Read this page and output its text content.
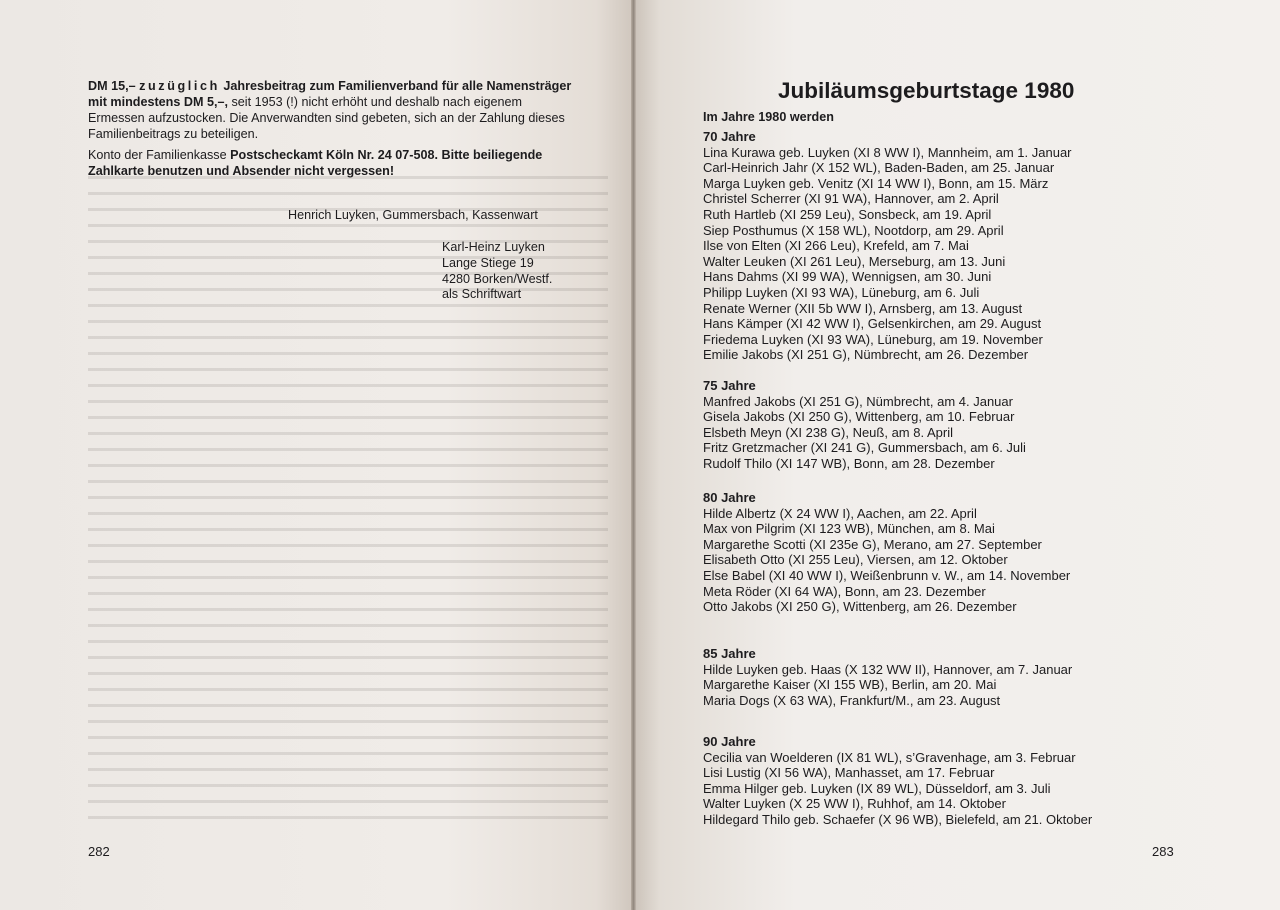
DM 15,– zuzüglich Jahresbeitrag zum Familienverband für alle Namensträger mit mindestens DM 5,–, seit 1953 (!) nicht erhöht und deshalb nach eigenem Ermessen aufzustocken. Die Anverwandten sind gebeten, sich an der Zahlung dieses Familienbeitrags zu beteiligen.

Konto der Familienkasse Postscheckamt Köln Nr. 24 07-508. Bitte beiliegende Zahlkarte benutzen und Absender nicht vergessen!

Henrich Luyken, Gummersbach, Kassenwart
Karl-Heinz Luyken
Lange Stiege 19
4280 Borken/Westf.
als Schriftwart
282
Jubiläumsgeburtstage 1980
Im Jahre 1980 werden
70 Jahre
Lina Kurawa geb. Luyken (XI 8 WW I), Mannheim, am 1. Januar
Carl-Heinrich Jahr (X 152 WL), Baden-Baden, am 25. Januar
Marga Luyken geb. Venitz (XI 14 WW I), Bonn, am 15. März
Christel Scherrer (XI 91 WA), Hannover, am 2. April
Ruth Hartleb (XI 259 Leu), Sonsbeck, am 19. April
Siep Posthumus (X 158 WL), Nootdorp, am 29. April
Ilse von Elten (XI 266 Leu), Krefeld, am 7. Mai
Walter Leuken (XI 261 Leu), Merseburg, am 13. Juni
Hans Dahms (XI 99 WA), Wennigsen, am 30. Juni
Philipp Luyken (XI 93 WA), Lüneburg, am 6. Juli
Renate Werner (XII 5b WW I), Arnsberg, am 13. August
Hans Kämper (XI 42 WW I), Gelsenkirchen, am 29. August
Friedema Luyken (XI 93 WA), Lüneburg, am 19. November
Emilie Jakobs (XI 251 G), Nümbrecht, am 26. Dezember
75 Jahre
Manfred Jakobs (XI 251 G), Nümbrecht, am 4. Januar
Gisela Jakobs (XI 250 G), Wittenberg, am 10. Februar
Elsbeth Meyn (XI 238 G), Neuß, am 8. April
Fritz Gretzmacher (XI 241 G), Gummersbach, am 6. Juli
Rudolf Thilo (XI 147 WB), Bonn, am 28. Dezember
80 Jahre
Hilde Albertz (X 24 WW I), Aachen, am 22. April
Max von Pilgrim (XI 123 WB), München, am 8. Mai
Margarethe Scotti (XI 235e G), Merano, am 27. September
Elisabeth Otto (XI 255 Leu), Viersen, am 12. Oktober
Else Babel (XI 40 WW I), Weißenbrunn v. W., am 14. November
Meta Röder (XI 64 WA), Bonn, am 23. Dezember
Otto Jakobs (XI 250 G), Wittenberg, am 26. Dezember
85 Jahre
Hilde Luyken geb. Haas (X 132 WW II), Hannover, am 7. Januar
Margarethe Kaiser (XI 155 WB), Berlin, am 20. Mai
Maria Dogs (X 63 WA), Frankfurt/M., am 23. August
90 Jahre
Cecilia van Woelderen (IX 81 WL), s’Gravenhage, am 3. Februar
Lisi Lustig (XI 56 WA), Manhasset, am 17. Februar
Emma Hilger geb. Luyken (IX 89 WL), Düsseldorf, am 3. Juli
Walter Luyken (X 25 WW I), Ruhhof, am 14. Oktober
Hildegard Thilo geb. Schaefer (X 96 WB), Bielefeld, am 21. Oktober
283
